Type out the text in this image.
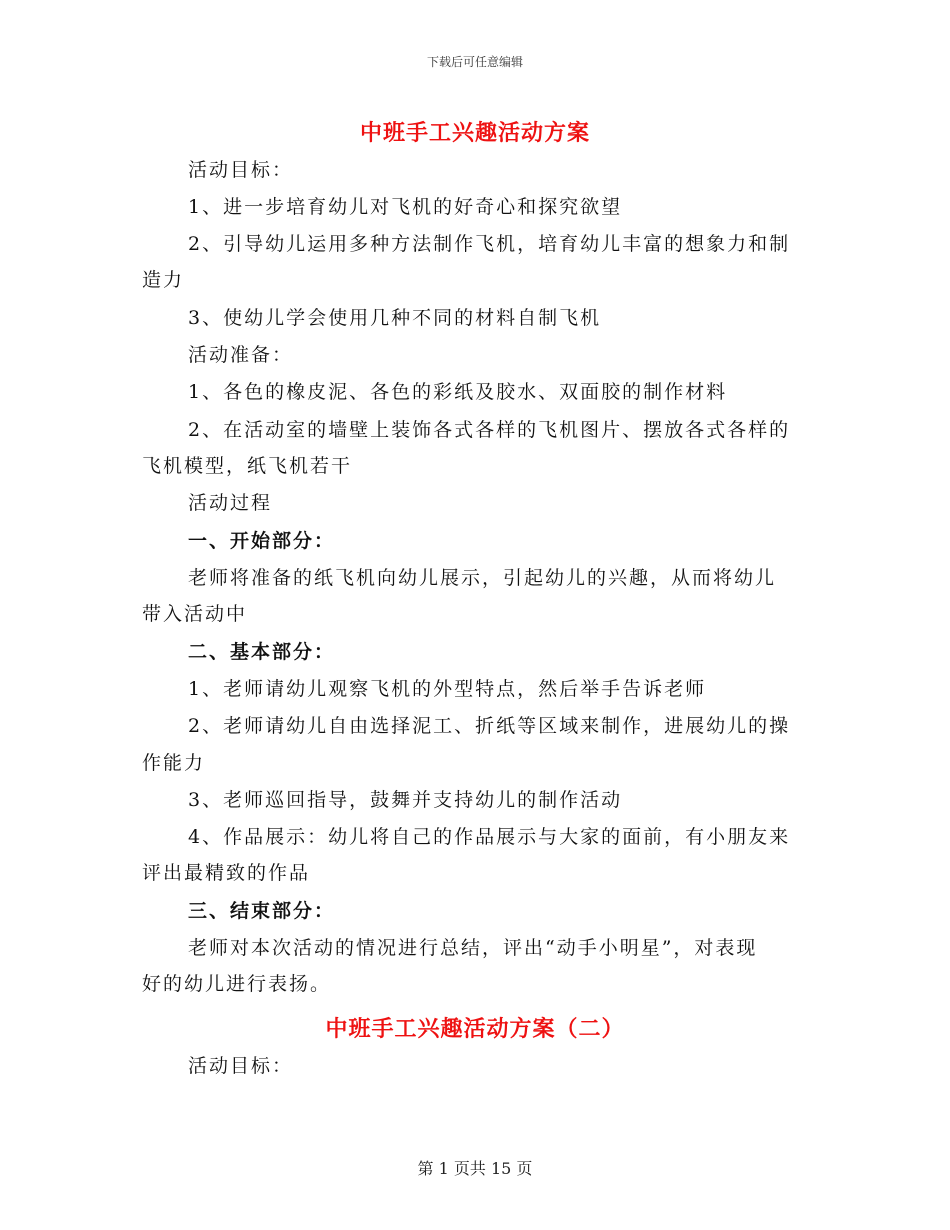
下载后可任意编辑
中班手工兴趣活动方案
活动目标：
1、进一步培育幼儿对飞机的好奇心和探究欲望
2、引导幼儿运用多种方法制作飞机，培育幼儿丰富的想象力和制
造力
3、使幼儿学会使用几种不同的材料自制飞机
活动准备：
1、各色的橡皮泥、各色的彩纸及胶水、双面胶的制作材料
2、在活动室的墙壁上装饰各式各样的飞机图片、摆放各式各样的
飞机模型，纸飞机若干
活动过程
一、开始部分：
老师将准备的纸飞机向幼儿展示，引起幼儿的兴趣，从而将幼儿
带入活动中
二、基本部分：
1、老师请幼儿观察飞机的外型特点，然后举手告诉老师
2、老师请幼儿自由选择泥工、折纸等区域来制作，进展幼儿的操
作能力
3、老师巡回指导，鼓舞并支持幼儿的制作活动
4、作品展示：幼儿将自己的作品展示与大家的面前，有小朋友来
评出最精致的作品
三、结束部分：
老师对本次活动的情况进行总结，评出“动手小明星”，对表现
好的幼儿进行表扬。
中班手工兴趣活动方案（二）
活动目标：
第 1 页共 15 页
